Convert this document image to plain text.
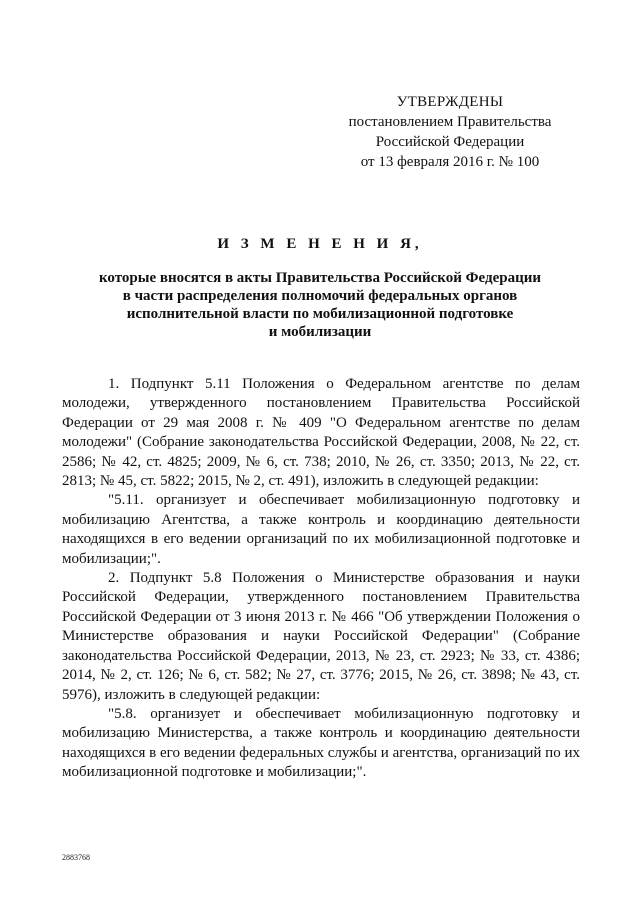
УТВЕРЖДЕНЫ
постановлением Правительства
Российской Федерации
от 13 февраля 2016 г. № 100
И З М Е Н Е Н И Я,
которые вносятся в акты Правительства Российской Федерации
в части распределения полномочий федеральных органов
исполнительной власти по мобилизационной подготовке
и мобилизации

1. Подпункт 5.11 Положения о Федеральном агентстве по делам молодежи, утвержденного постановлением Правительства Российской Федерации от 29 мая 2008 г. № 409 "О Федеральном агентстве по делам молодежи" (Собрание законодательства Российской Федерации, 2008, № 22, ст. 2586; № 42, ст. 4825; 2009, № 6, ст. 738; 2010, № 26, ст. 3350; 2013, № 22, ст. 2813; № 45, ст. 5822; 2015, № 2, ст. 491), изложить в следующей редакции:

"5.11. организует и обеспечивает мобилизационную подготовку и мобилизацию Агентства, а также контроль и координацию деятельности находящихся в его ведении организаций по их мобилизационной подготовке и мобилизации;".

2. Подпункт 5.8 Положения о Министерстве образования и науки Российской Федерации, утвержденного постановлением Правительства Российской Федерации от 3 июня 2013 г. № 466 "Об утверждении Положения о Министерстве образования и науки Российской Федерации" (Собрание законодательства Российской Федерации, 2013, № 23, ст. 2923; № 33, ст. 4386; 2014, № 2, ст. 126; № 6, ст. 582; № 27, ст. 3776; 2015, № 26, ст. 3898; № 43, ст. 5976), изложить в следующей редакции:

"5.8. организует и обеспечивает мобилизационную подготовку и мобилизацию Министерства, а также контроль и координацию деятельности находящихся в его ведении федеральных службы и агентства, организаций по их мобилизационной подготовке и мобилизации;".

2883768
